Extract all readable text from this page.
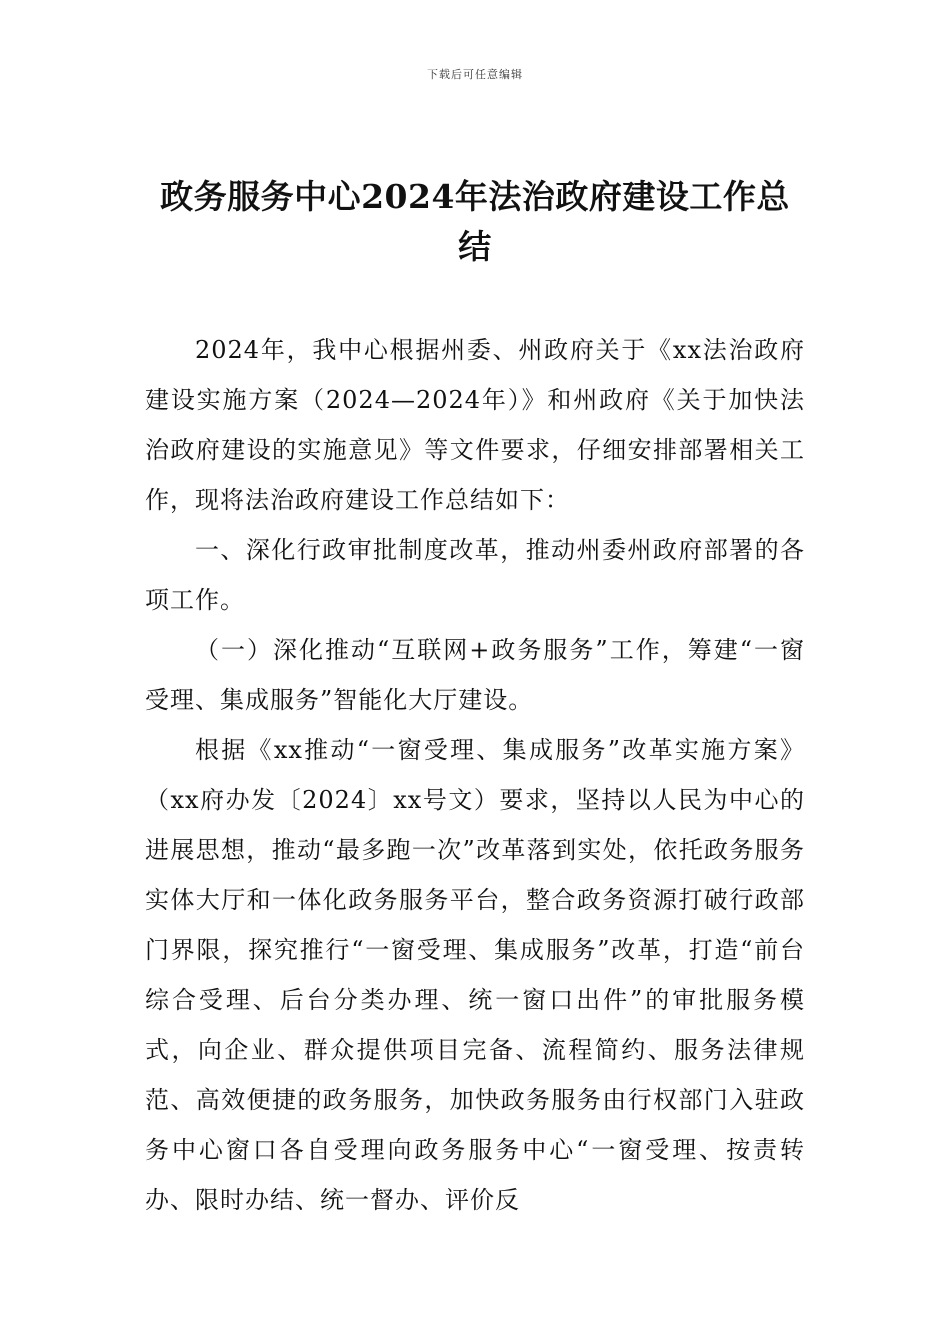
下载后可任意编辑
政务服务中心2024年法治政府建设工作总结

2024年，我中心根据州委、州政府关于《xx法治政府建设实施方案（2024—2024年）》和州政府《关于加快法治政府建设的实施意见》等文件要求，仔细安排部署相关工作，现将法治政府建设工作总结如下：

一、深化行政审批制度改革，推动州委州政府部署的各项工作。

（一）深化推动“互联网+政务服务”工作，筹建“一窗受理、集成服务”智能化大厅建设。

根据《xx推动“一窗受理、集成服务”改革实施方案》（xx府办发〔2024〕xx号文）要求，坚持以人民为中心的进展思想，推动“最多跑一次”改革落到实处，依托政务服务实体大厅和一体化政务服务平台，整合政务资源打破行政部门界限，探究推行“一窗受理、集成服务”改革，打造“前台综合受理、后台分类办理、统一窗口出件”的审批服务模式，向企业、群众提供项目完备、流程简约、服务法律规范、高效便捷的政务服务，加快政务服务由行权部门入驻政务中心窗口各自受理向政务服务中心“一窗受理、按责转办、限时办结、统一督办、评价反
